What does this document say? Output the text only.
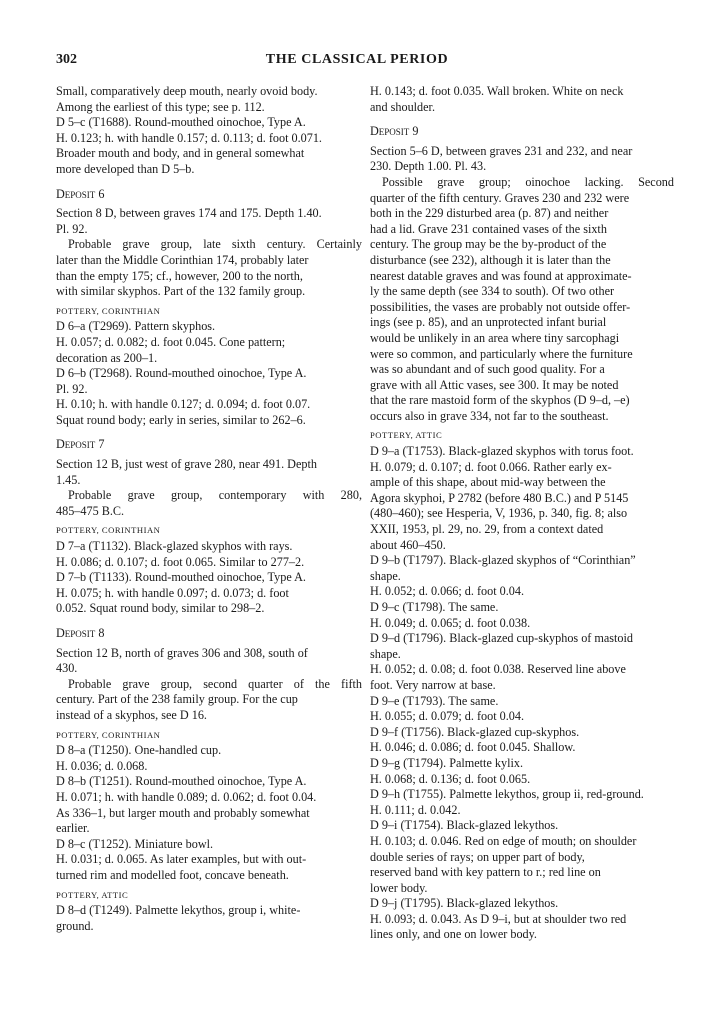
302	THE CLASSICAL PERIOD
Small, comparatively deep mouth, nearly ovoid body.
Among the earliest of this type; see p. 112.
D 5–c (T1688). Round-mouthed oinochoe, Type A.
H. 0.123; h. with handle 0.157; d. 0.113; d. foot 0.071.
Broader mouth and body, and in general somewhat
more developed than D 5–b.
Deposit 6
Section 8 D, between graves 174 and 175. Depth 1.40.
Pl. 92.
Probable grave group, late sixth century. Certainly
later than the Middle Corinthian 174, probably later
than the empty 175; cf., however, 200 to the north,
with similar skyphos. Part of the 132 family group.
POTTERY, CORINTHIAN
D 6–a (T2969). Pattern skyphos.
H. 0.057; d. 0.082; d. foot 0.045. Cone pattern;
decoration as 200–1.
D 6–b (T2968). Round-mouthed oinochoe, Type A.
Pl. 92.
H. 0.10; h. with handle 0.127; d. 0.094; d. foot 0.07.
Squat round body; early in series, similar to 262–6.
Deposit 7
Section 12 B, just west of grave 280, near 491. Depth
1.45.
Probable grave group, contemporary with 280,
485–475 B.C.
POTTERY, CORINTHIAN
D 7–a (T1132). Black-glazed skyphos with rays.
H. 0.086; d. 0.107; d. foot 0.065. Similar to 277–2.
D 7–b (T1133). Round-mouthed oinochoe, Type A.
H. 0.075; h. with handle 0.097; d. 0.073; d. foot
0.052. Squat round body, similar to 298–2.
Deposit 8
Section 12 B, north of graves 306 and 308, south of
430.
Probable grave group, second quarter of the fifth
century. Part of the 238 family group. For the cup
instead of a skyphos, see D 16.
POTTERY, CORINTHIAN
D 8–a (T1250). One-handled cup.
H. 0.036; d. 0.068.
D 8–b (T1251). Round-mouthed oinochoe, Type A.
H. 0.071; h. with handle 0.089; d. 0.062; d. foot 0.04.
As 336–1, but larger mouth and probably somewhat
earlier.
D 8–c (T1252). Miniature bowl.
H. 0.031; d. 0.065. As later examples, but with out-
turned rim and modelled foot, concave beneath.
POTTERY, ATTIC
D 8–d (T1249). Palmette lekythos, group i, white-
ground.
H. 0.143; d. foot 0.035. Wall broken. White on neck
and shoulder.
Deposit 9
Section 5–6 D, between graves 231 and 232, and near
230. Depth 1.00. Pl. 43.
Possible grave group; oinochoe lacking. Second
quarter of the fifth century. Graves 230 and 232 were
both in the 229 disturbed area (p. 87) and neither
had a lid. Grave 231 contained vases of the sixth
century. The group may be the by-product of the
disturbance (see 232), although it is later than the
nearest datable graves and was found at approximate-
ly the same depth (see 334 to south). Of two other
possibilities, the vases are probably not outside offer-
ings (see p. 85), and an unprotected infant burial
would be unlikely in an area where tiny sarcophagi
were so common, and particularly where the furniture
was so abundant and of such good quality. For a
grave with all Attic vases, see 300. It may be noted
that the rare mastoid form of the skyphos (D 9–d, –e)
occurs also in grave 334, not far to the southeast.
POTTERY, ATTIC
D 9–a (T1753). Black-glazed skyphos with torus foot.
H. 0.079; d. 0.107; d. foot 0.066. Rather early ex-
ample of this shape, about mid-way between the
Agora skyphoi, P 2782 (before 480 B.C.) and P 5145
(480–460); see Hesperia, V, 1936, p. 340, fig. 8; also
XXII, 1953, pl. 29, no. 29, from a context dated
about 460–450.
D 9–b (T1797). Black-glazed skyphos of “Corinthian”
shape.
H. 0.052; d. 0.066; d. foot 0.04.
D 9–c (T1798). The same.
H. 0.049; d. 0.065; d. foot 0.038.
D 9–d (T1796). Black-glazed cup-skyphos of mastoid
shape.
H. 0.052; d. 0.08; d. foot 0.038. Reserved line above
foot. Very narrow at base.
D 9–e (T1793). The same.
H. 0.055; d. 0.079; d. foot 0.04.
D 9–f (T1756). Black-glazed cup-skyphos.
H. 0.046; d. 0.086; d. foot 0.045. Shallow.
D 9–g (T1794). Palmette kylix.
H. 0.068; d. 0.136; d. foot 0.065.
D 9–h (T1755). Palmette lekythos, group ii, red-ground.
H. 0.111; d. 0.042.
D 9–i (T1754). Black-glazed lekythos.
H. 0.103; d. 0.046. Red on edge of mouth; on shoulder
double series of rays; on upper part of body,
reserved band with key pattern to r.; red line on
lower body.
D 9–j (T1795). Black-glazed lekythos.
H. 0.093; d. 0.043. As D 9–i, but at shoulder two red
lines only, and one on lower body.
